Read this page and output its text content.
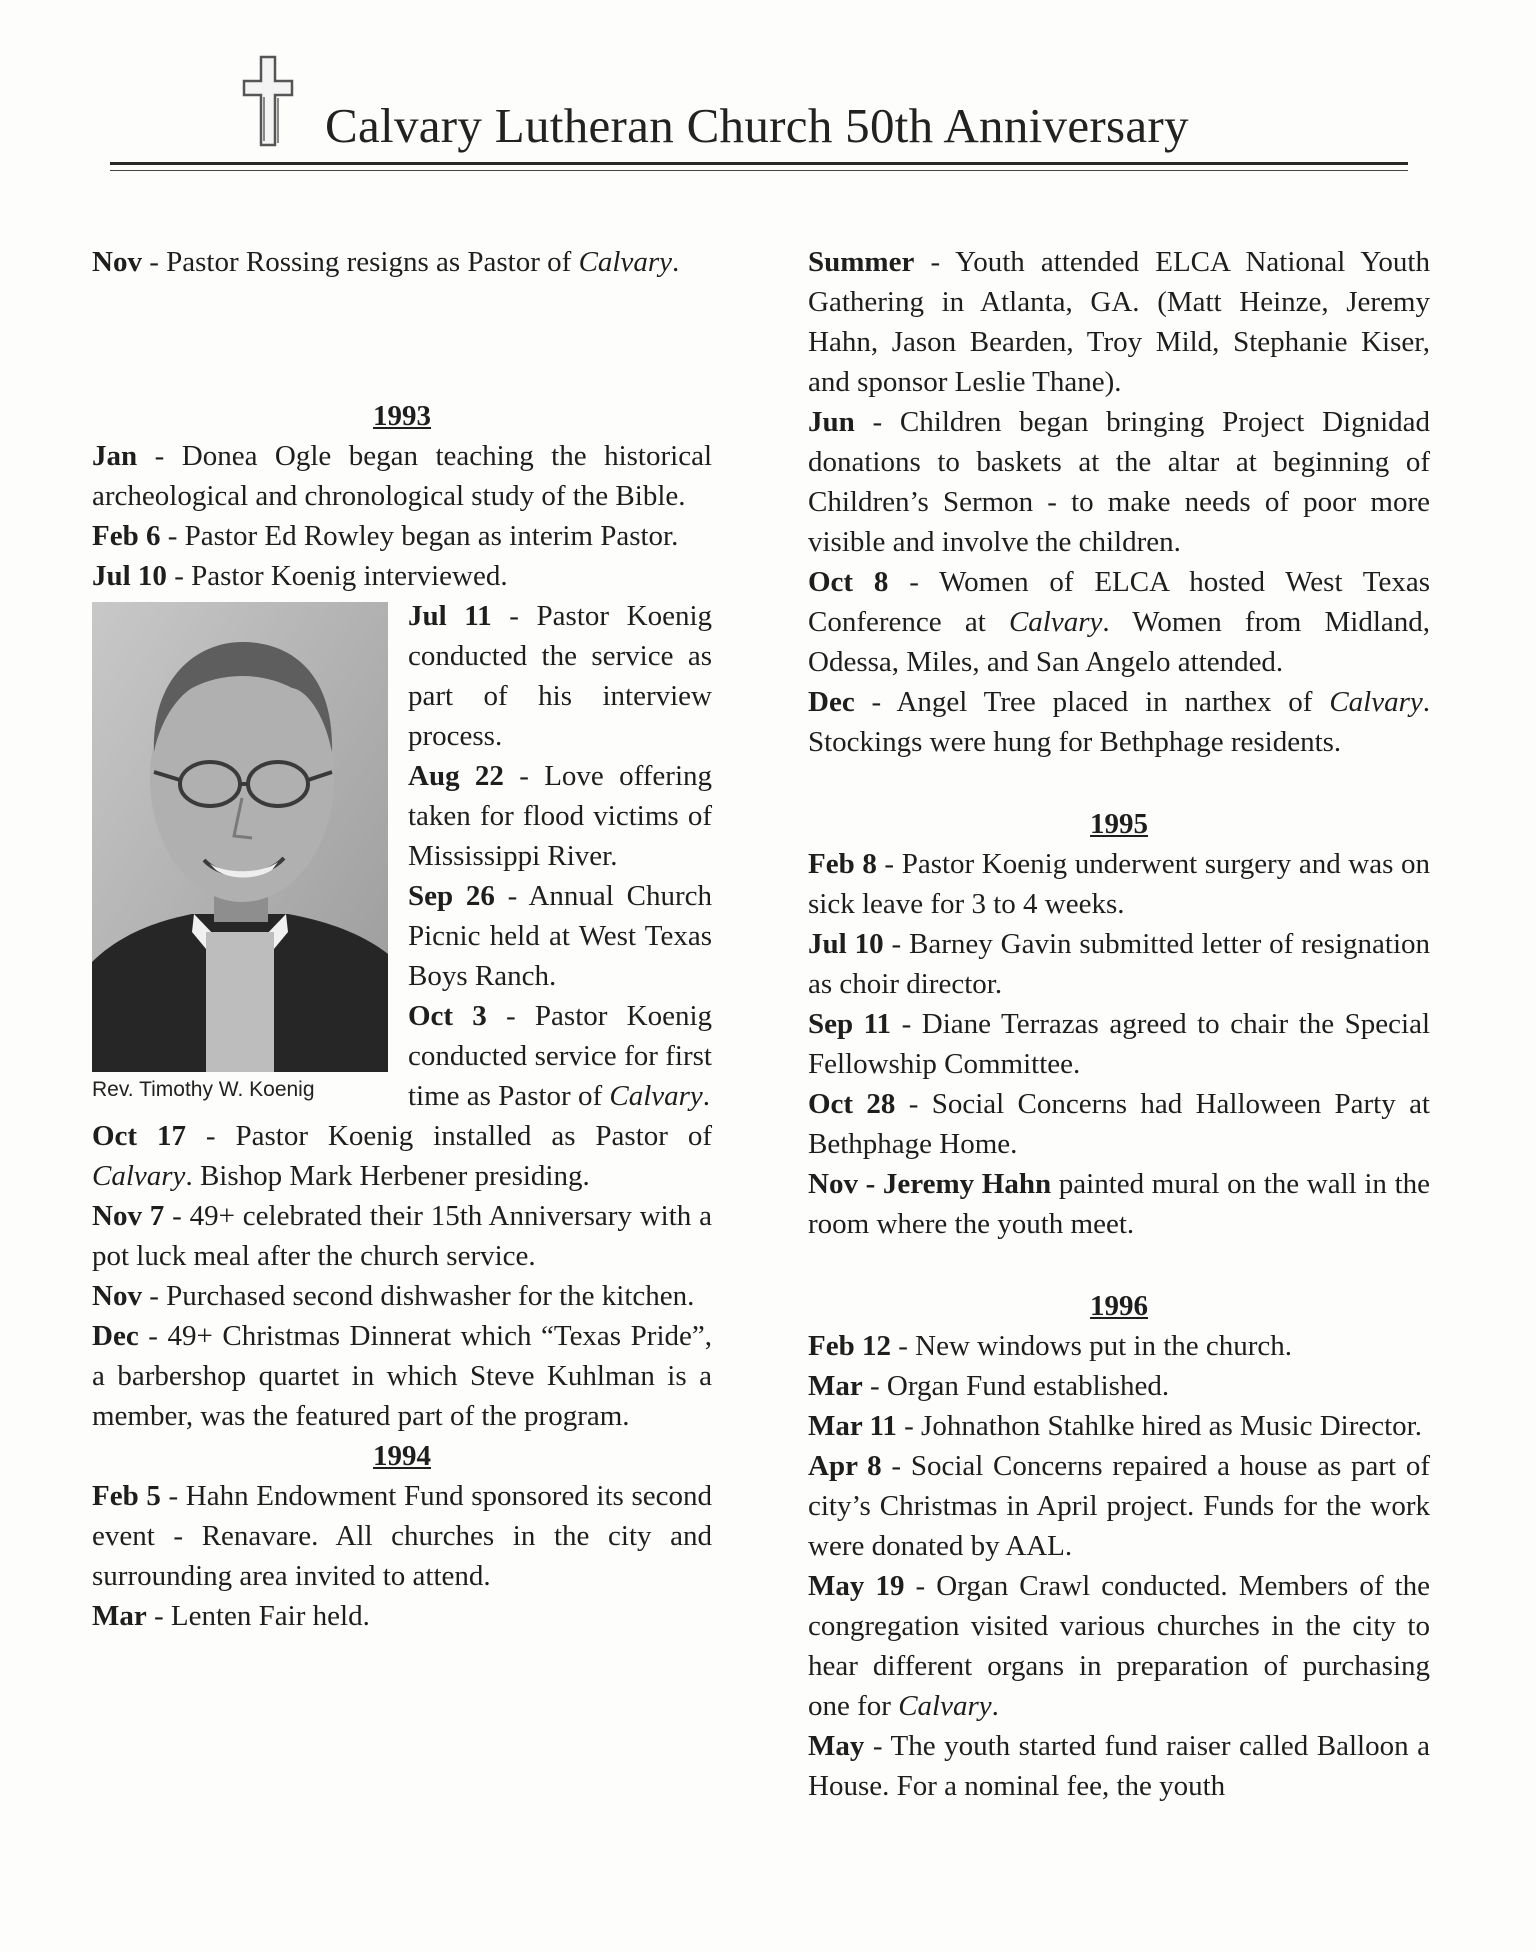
Calvary Lutheran Church 50th Anniversary

Nov - Pastor Rossing resigns as Pastor of Calvary.

1993

Jan - Donea Ogle began teaching the historical archeological and chronological study of the Bible.

Feb 6 - Pastor Ed Rowley began as interim Pastor.

Jul 10 - Pastor Koenig interviewed.

Rev. Timothy W. Koenig
Jul 11 - Pastor Koenig conducted the service as part of his interview process.

Aug 22 - Love offering taken for flood victims of Mississippi River.

Sep 26 - Annual Church Picnic held at West Texas Boys Ranch.

Oct 3 - Pastor Koenig conducted service for first time as Pastor of Calvary.

Oct 17 - Pastor Koenig installed as Pastor of Calvary. Bishop Mark Herbener presiding.

Nov 7 - 49+ celebrated their 15th Anniversary with a pot luck meal after the church service.

Nov - Purchased second dishwasher for the kitchen.

Dec - 49+ Christmas Dinnerat which “Texas Pride”, a barbershop quartet in which Steve Kuhlman is a member, was the featured part of the program.

1994

Feb 5 - Hahn Endowment Fund sponsored its second event - Renavare. All churches in the city and surrounding area invited to attend.

Mar - Lenten Fair held.

Summer - Youth attended ELCA National Youth Gathering in Atlanta, GA. (Matt Heinze, Jeremy Hahn, Jason Bearden, Troy Mild, Stephanie Kiser, and sponsor Leslie Thane).

Jun - Children began bringing Project Dignidad donations to baskets at the altar at beginning of Children’s Sermon - to make needs of poor more visible and involve the children.

Oct 8 - Women of ELCA hosted West Texas Conference at Calvary. Women from Midland, Odessa, Miles, and San Angelo attended.

Dec - Angel Tree placed in narthex of Calvary. Stockings were hung for Bethphage residents.

1995

Feb 8 - Pastor Koenig underwent surgery and was on sick leave for 3 to 4 weeks.

Jul 10 - Barney Gavin submitted letter of resignation as choir director.

Sep 11 - Diane Terrazas agreed to chair the Special Fellowship Committee.

Oct 28 - Social Concerns had Halloween Party at Bethphage Home.

Nov - Jeremy Hahn painted mural on the wall in the room where the youth meet.

1996

Feb 12 - New windows put in the church.

Mar - Organ Fund established.

Mar 11 - Johnathon Stahlke hired as Music Director.

Apr 8 - Social Concerns repaired a house as part of city’s Christmas in April project. Funds for the work were donated by AAL.

May 19 - Organ Crawl conducted. Members of the congregation visited various churches in the city to hear different organs in preparation of purchasing one for Calvary.

May - The youth started fund raiser called Balloon a House. For a nominal fee, the youth
